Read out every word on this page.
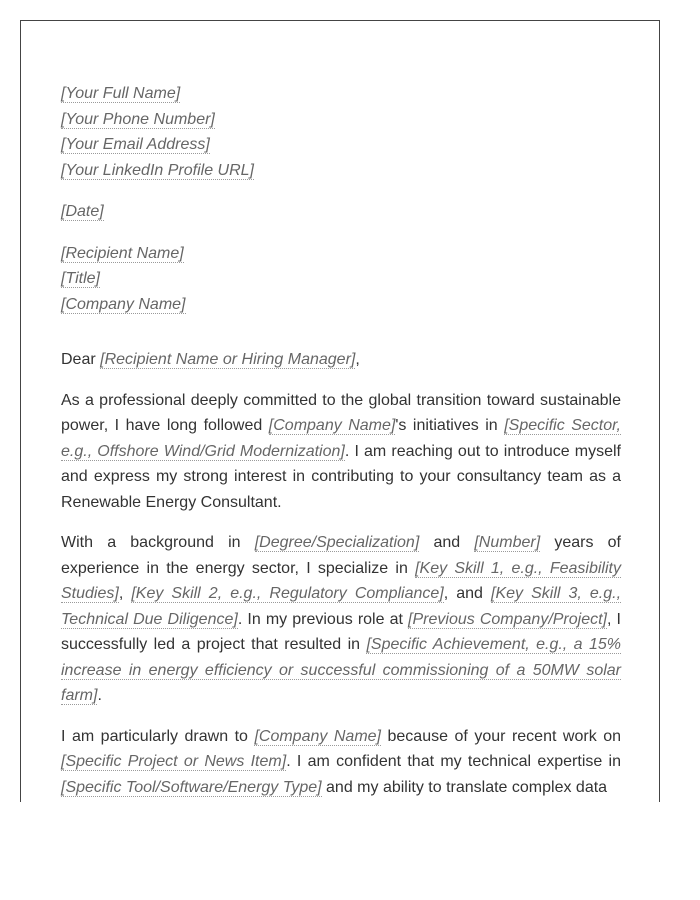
[Your Full Name]
[Your Phone Number]
[Your Email Address]
[Your LinkedIn Profile URL]
[Date]
[Recipient Name]
[Title]
[Company Name]
Dear [Recipient Name or Hiring Manager],

As a professional deeply committed to the global transition toward sustainable power, I have long followed [Company Name]'s initiatives in [Specific Sector, e.g., Offshore Wind/Grid Modernization]. I am reaching out to introduce myself and express my strong interest in contributing to your consultancy team as a Renewable Energy Consultant.

With a background in [Degree/Specialization] and [Number] years of experience in the energy sector, I specialize in [Key Skill 1, e.g., Feasibility Studies], [Key Skill 2, e.g., Regulatory Compliance], and [Key Skill 3, e.g., Technical Due Diligence]. In my previous role at [Previous Company/Project], I successfully led a project that resulted in [Specific Achievement, e.g., a 15% increase in energy efficiency or successful commissioning of a 50MW solar farm].

I am particularly drawn to [Company Name] because of your recent work on [Specific Project or News Item]. I am confident that my technical expertise in [Specific Tool/Software/Energy Type] and my ability to translate complex data
